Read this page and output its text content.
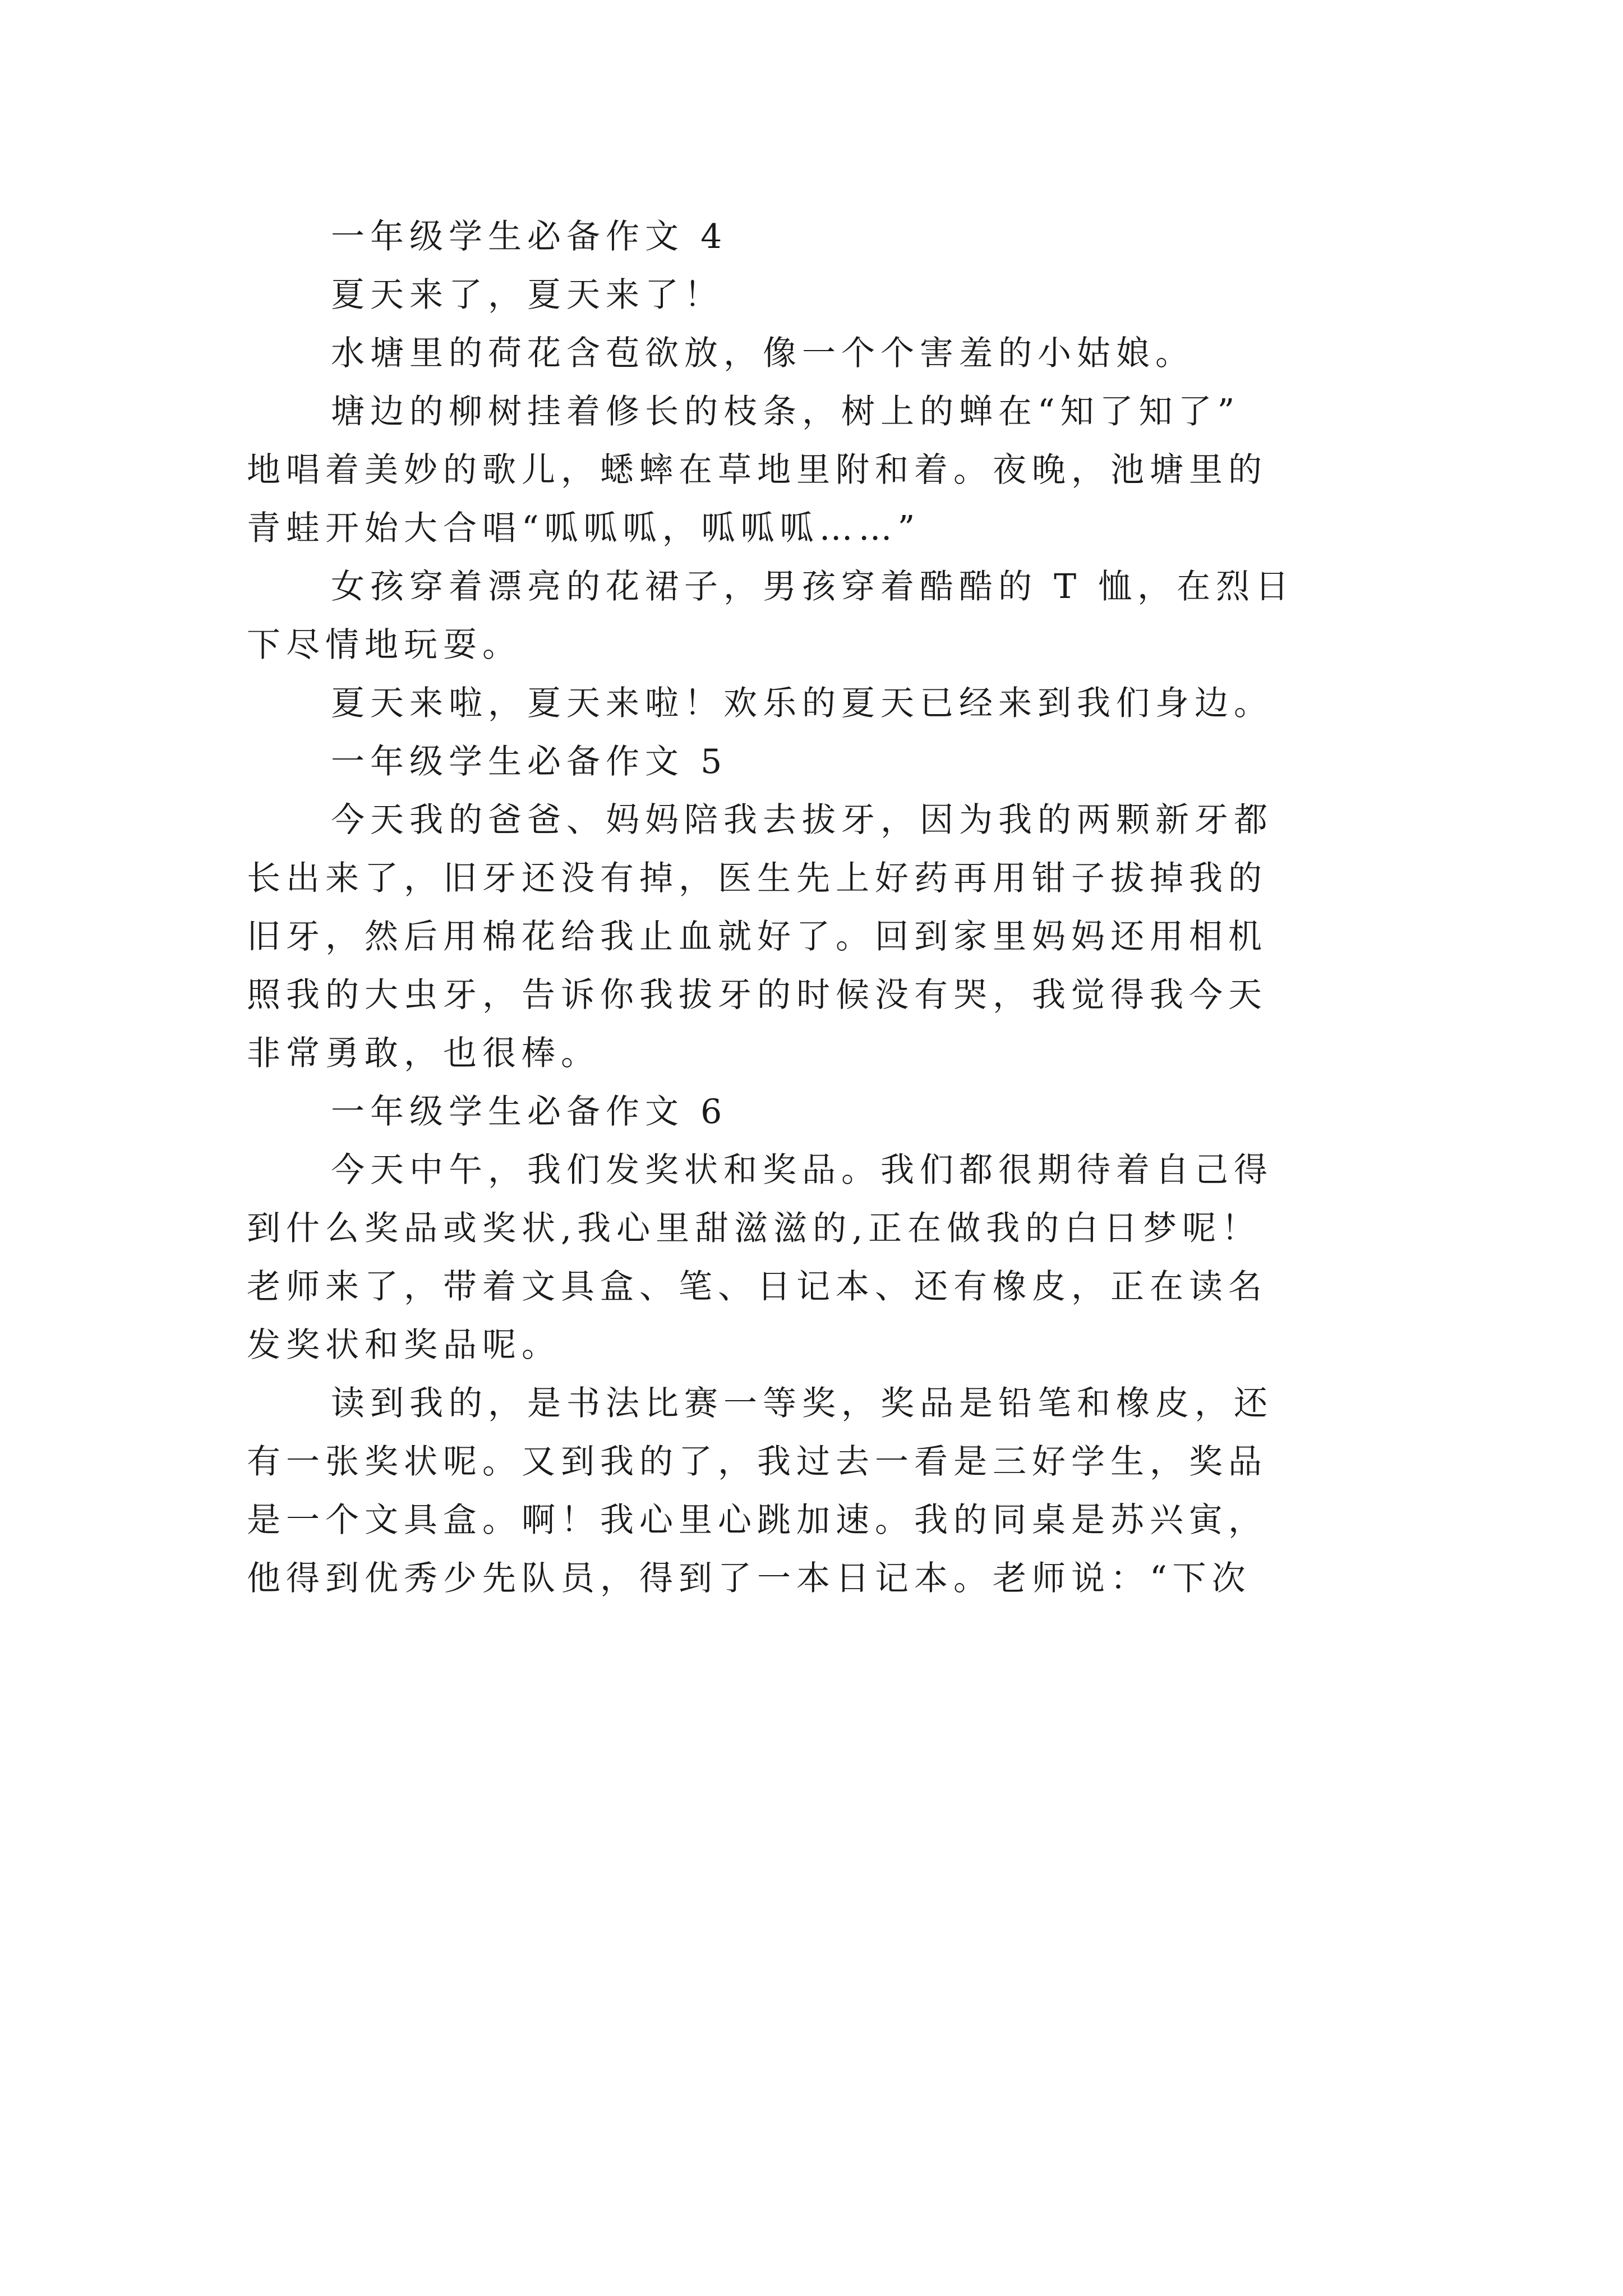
一年级学生必备作文 4
夏天来了，夏天来了！
水塘里的荷花含苞欲放，像一个个害羞的小姑娘。
塘边的柳树挂着修长的枝条，树上的蝉在“知了知了”
地唱着美妙的歌儿，蟋蟀在草地里附和着。夜晚，池塘里的
青蛙开始大合唱“呱呱呱，呱呱呱……”
女孩穿着漂亮的花裙子，男孩穿着酷酷的 T 恤，在烈日
下尽情地玩耍。
夏天来啦，夏天来啦！欢乐的夏天已经来到我们身边。
一年级学生必备作文 5
今天我的爸爸、妈妈陪我去拔牙，因为我的两颗新牙都
长出来了，旧牙还没有掉，医生先上好药再用钳子拔掉我的
旧牙，然后用棉花给我止血就好了。回到家里妈妈还用相机
照我的大虫牙，告诉你我拔牙的时候没有哭，我觉得我今天
非常勇敢，也很棒。
一年级学生必备作文 6
今天中午，我们发奖状和奖品。我们都很期待着自己得
到什么奖品或奖状,我心里甜滋滋的,正在做我的白日梦呢！
老师来了，带着文具盒、笔、日记本、还有橡皮，正在读名
发奖状和奖品呢。
读到我的，是书法比赛一等奖，奖品是铅笔和橡皮，还
有一张奖状呢。又到我的了，我过去一看是三好学生，奖品
是一个文具盒。啊！我心里心跳加速。我的同桌是苏兴寅，
他得到优秀少先队员，得到了一本日记本。老师说：“下次
